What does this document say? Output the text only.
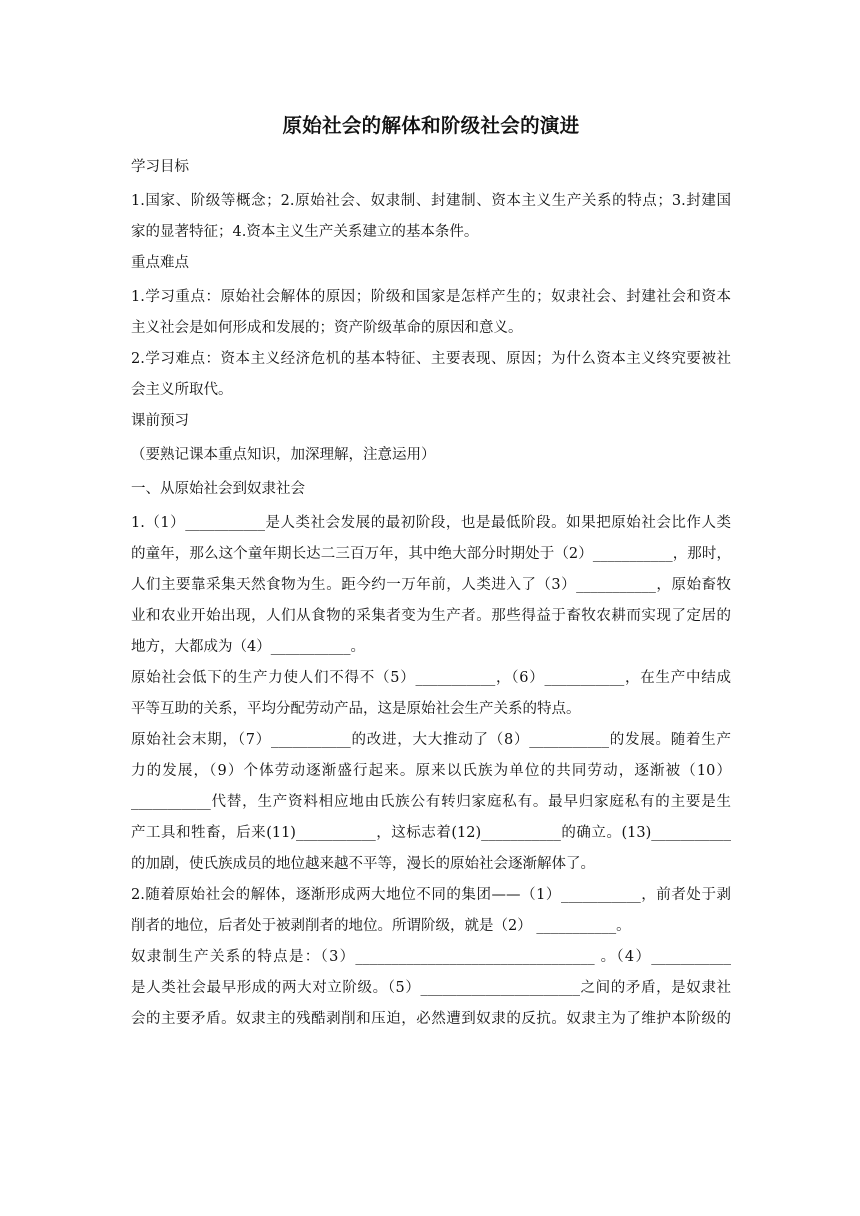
原始社会的解体和阶级社会的演进
学习目标
1.国家、阶级等概念；2.原始社会、奴隶制、封建制、资本主义生产关系的特点；3.封建国
家的显著特征；4.资本主义生产关系建立的基本条件。
重点难点
1.学习重点：原始社会解体的原因；阶级和国家是怎样产生的；奴隶社会、封建社会和资本
主义社会是如何形成和发展的；资产阶级革命的原因和意义。
2.学习难点：资本主义经济危机的基本特征、主要表现、原因；为什么资本主义终究要被社
会主义所取代。
课前预习
（要熟记课本重点知识，加深理解，注意运用）
一、从原始社会到奴隶社会
1.（1）___________是人类社会发展的最初阶段，也是最低阶段。如果把原始社会比作人类
的童年，那么这个童年期长达二三百万年，其中绝大部分时期处于（2）___________，那时，
人们主要靠采集天然食物为生。距今约一万年前，人类进入了（3）___________，原始畜牧
业和农业开始出现，人们从食物的采集者变为生产者。那些得益于畜牧农耕而实现了定居的
地方，大都成为（4）___________。
原始社会低下的生产力使人们不得不（5）___________，（6）___________，在生产中结成
平等互助的关系，平均分配劳动产品，这是原始社会生产关系的特点。
原始社会末期，（7）___________的改进，大大推动了（8）___________的发展。随着生产
力的发展，（9）个体劳动逐渐盛行起来。原来以氏族为单位的共同劳动，逐渐被（10）
___________代替，生产资料相应地由氏族公有转归家庭私有。最早归家庭私有的主要是生
产工具和牲畜，后来(11)___________，这标志着(12)___________的确立。(13)___________
的加剧，使氏族成员的地位越来越不平等，漫长的原始社会逐渐解体了。
2.随着原始社会的解体，逐渐形成两大地位不同的集团——（1）___________，前者处于剥
削者的地位，后者处于被剥削者的地位。所谓阶级，就是（2） ___________。
奴隶制生产关系的特点是：（3）_________________________________ 。（4）___________
是人类社会最早形成的两大对立阶级。（5）______________________之间的矛盾，是奴隶社
会的主要矛盾。奴隶主的残酷剥削和压迫，必然遭到奴隶的反抗。奴隶主为了维护本阶级的
